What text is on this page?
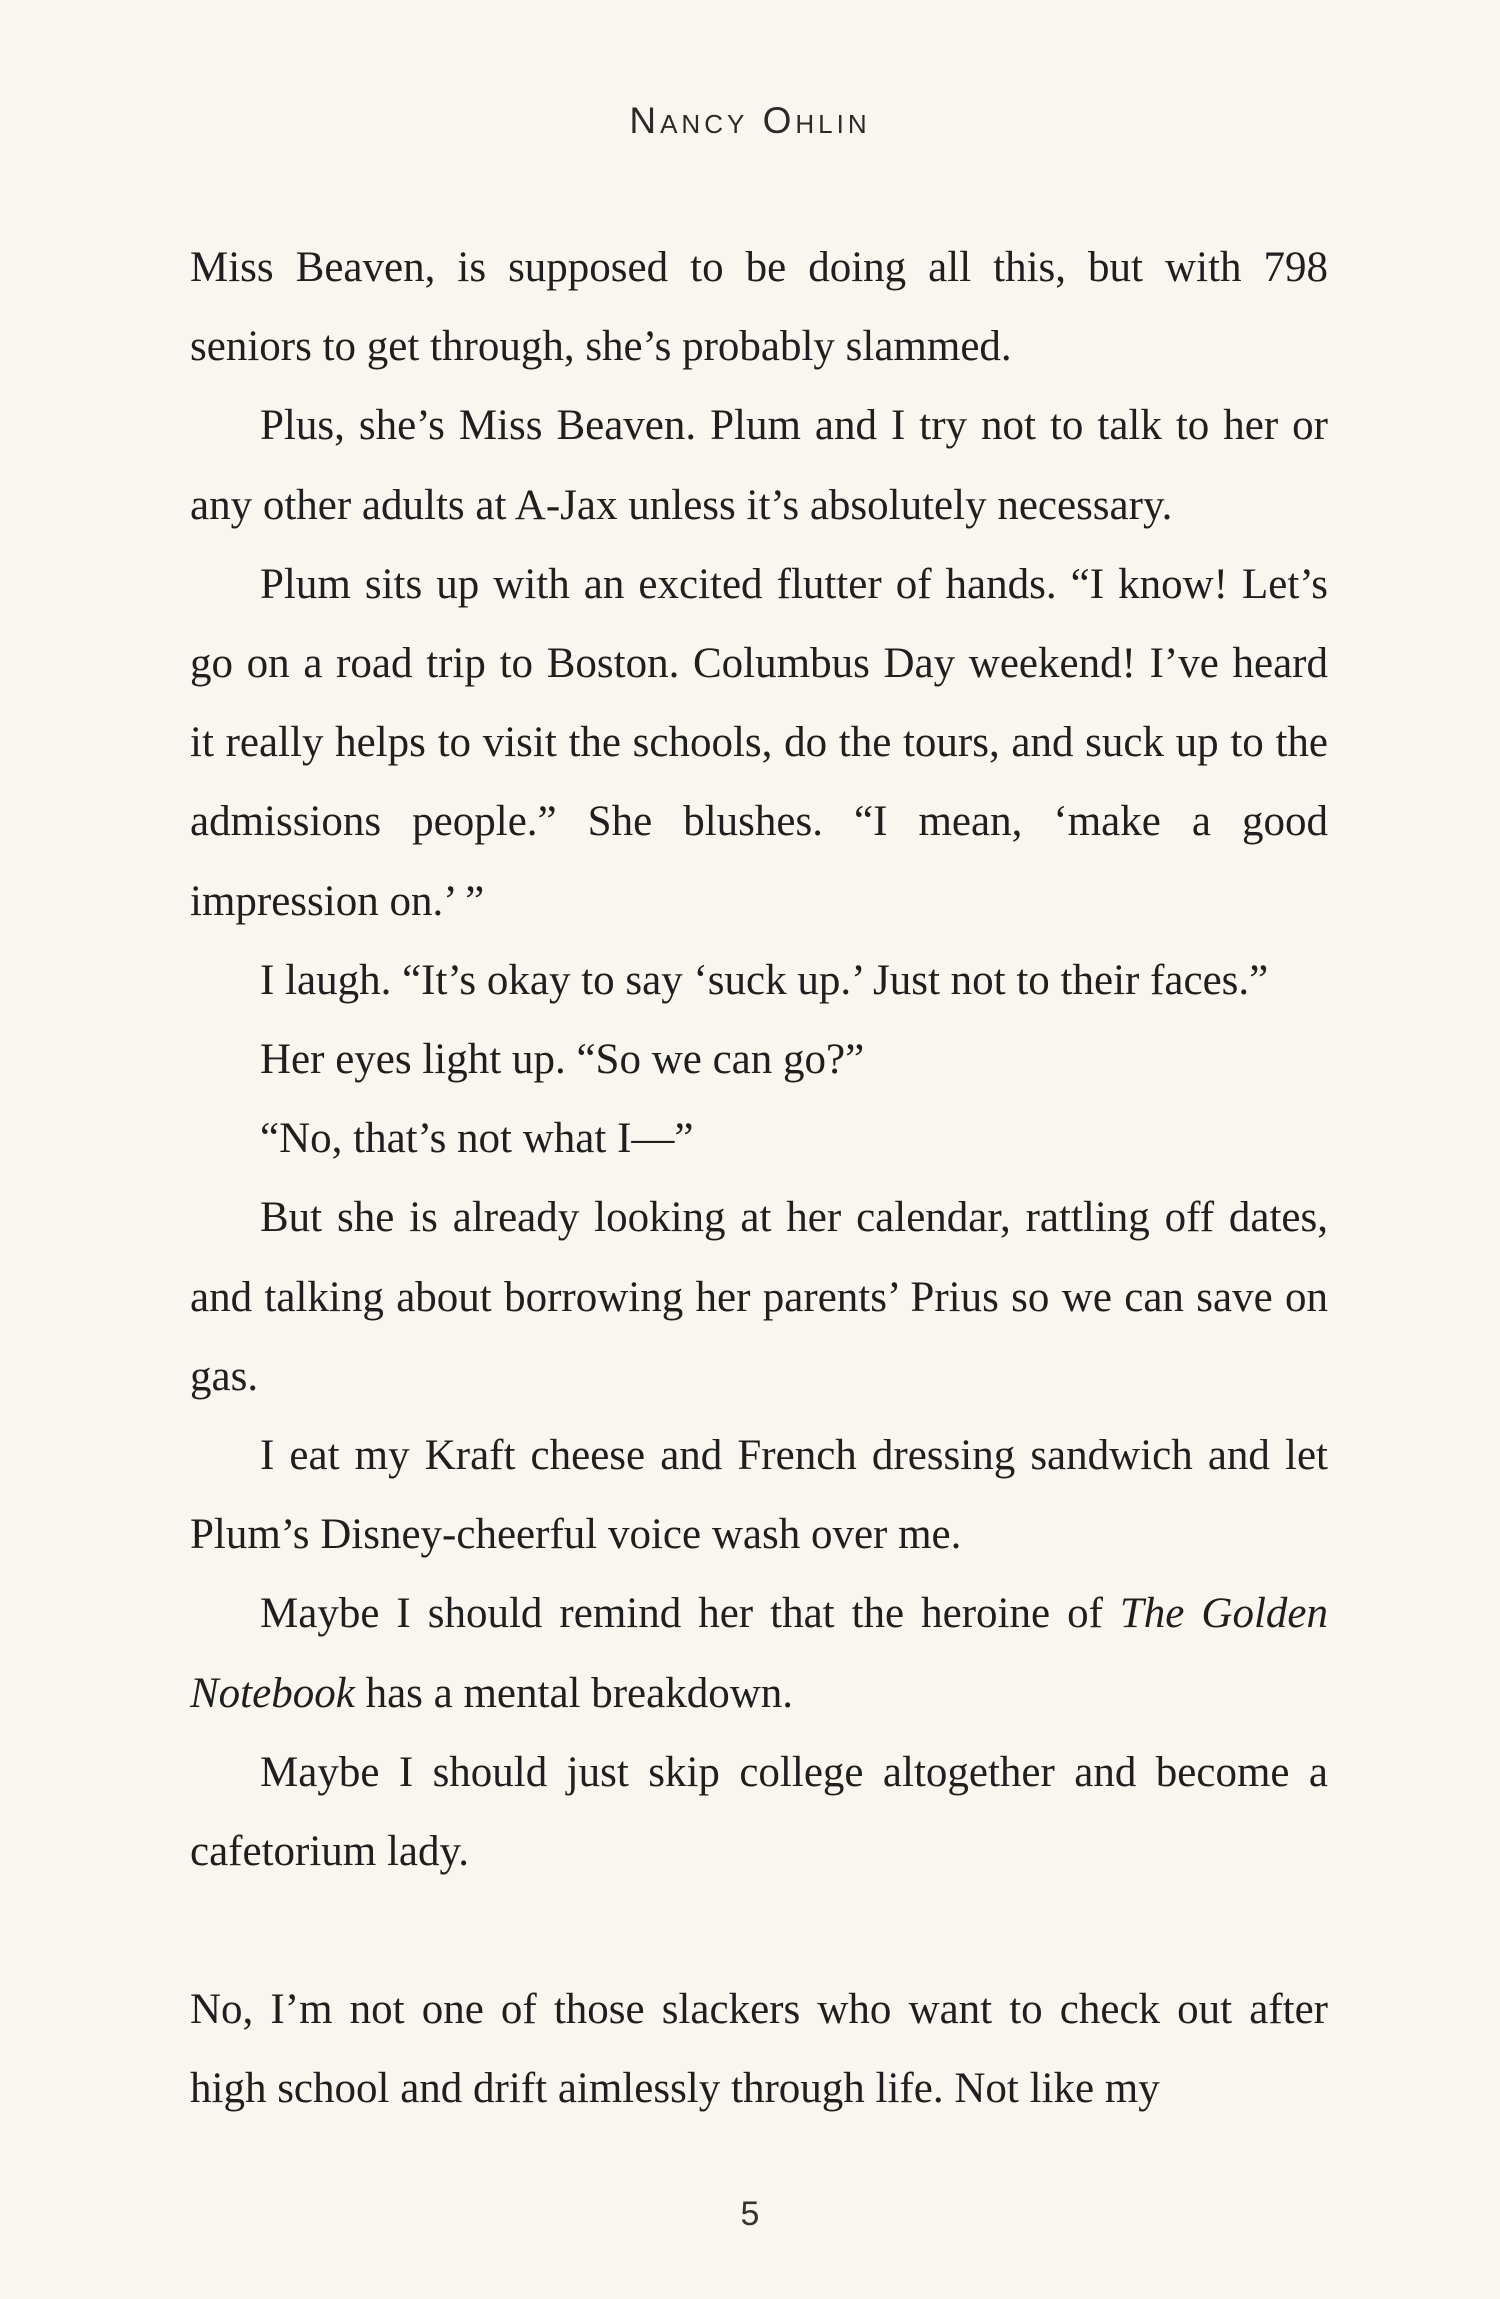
Nancy Ohlin

Miss Beaven, is supposed to be doing all this, but with 798 seniors to get through, she’s probably slammed.

Plus, she’s Miss Beaven. Plum and I try not to talk to her or any other adults at A-Jax unless it’s absolutely necessary.

Plum sits up with an excited flutter of hands. “I know! Let’s go on a road trip to Boston. Columbus Day weekend! I’ve heard it really helps to visit the schools, do the tours, and suck up to the admissions people.” She blushes. “I mean, ‘make a good impression on.’ ”

I laugh. “It’s okay to say ‘suck up.’ Just not to their faces.”

Her eyes light up. “So we can go?”

“No, that’s not what I—”

But she is already looking at her calendar, rattling off dates, and talking about borrowing her parents’ Prius so we can save on gas.

I eat my Kraft cheese and French dressing sandwich and let Plum’s Disney-cheerful voice wash over me.

Maybe I should remind her that the heroine of The Golden Notebook has a mental breakdown.

Maybe I should just skip college altogether and become a cafetorium lady.

No, I’m not one of those slackers who want to check out after high school and drift aimlessly through life. Not like my

5
